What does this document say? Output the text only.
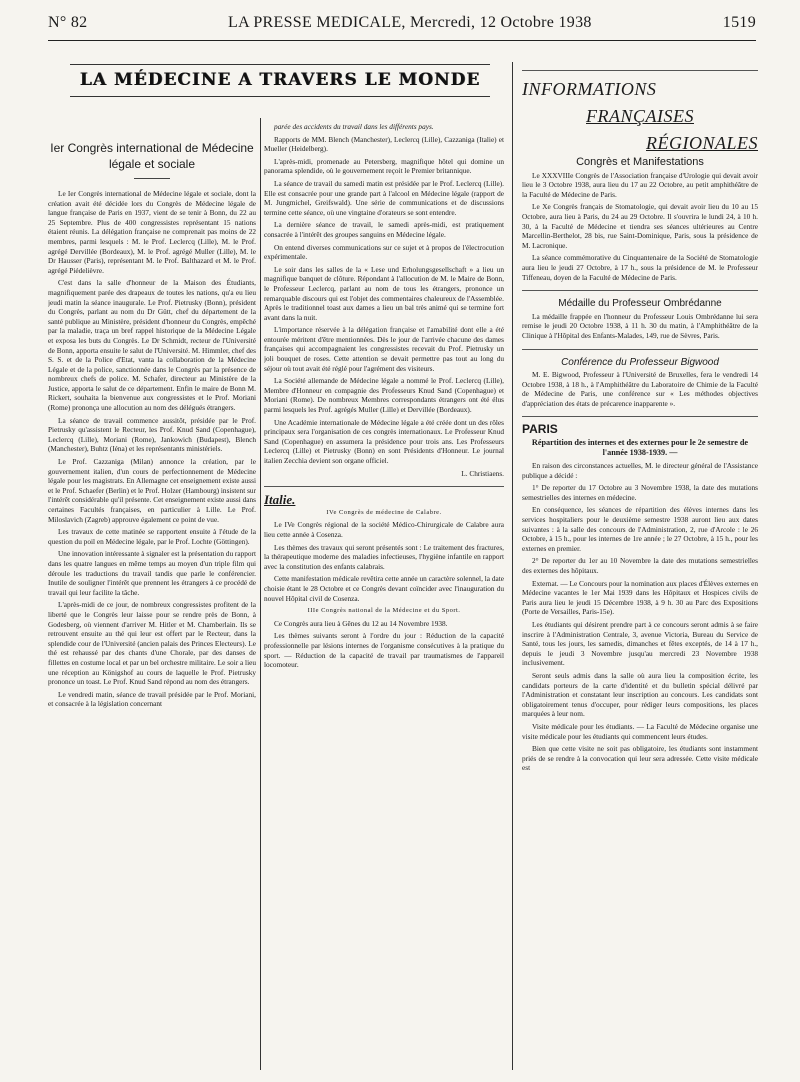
N° 82	LA PRESSE MEDICALE, Mercredi, 12 Octobre 1938	1519
LA MÉDECINE A TRAVERS LE MONDE

Ier Congrès international de Médecine légale et sociale

Le Ier Congrès international de Médecine légale et sociale, dont la création avait été décidée lors du Congrès de Médecine légale de langue française de Paris en 1937, vient de se tenir à Bonn, du 22 au 25 Septembre. Plus de 400 congressistes représentant 15 nations étaient réunis. La délégation française ne comprenait pas moins de 22 membres, parmi lesquels : M. le Prof. Leclercq (Lille), M. le Prof. agrégé Dervillée (Bordeaux), M. le Prof. agrégé Muller (Lille), M. le Dr Hausser (Paris), représentant M. le Prof. Balthazard et M. le Prof. agrégé Piédelièvre.

C'est dans la salle d'honneur de la Maison des Étudiants, magnifiquement parée des drapeaux de toutes les nations, qu'a eu lieu jeudi matin la séance inaugurale. Le Prof. Pietrusky (Bonn), président du Congrès, parlant au nom du Dr Gütt, chef du département de la santé publique au Ministère, président d'honneur du Congrès, empêché par la maladie, traça un bref rappel historique de la Médecine Légale et exposa les buts du Congrès. Le Dr Schmidt, recteur de l'Université de Bonn, apporta ensuite le salut de l'Université. M. Himmler, chef des S. S. et de la Police d'Etat, vanta la collaboration de la Médecine Légale et de la police, sanctionnée dans le Congrès par la présence de nombreux chefs de police. M. Schafer, directeur au Ministère de la Justice, apporta le salut de ce département. Enfin le maire de Bonn M. Rickert, souhaita la bienvenue aux congressistes et le Prof. Moriani (Rome) prononça une allocution au nom des délégués étrangers.

La séance de travail commence aussitôt, présidée par le Prof. Pietrusky qu'assistent le Recteur, les Prof. Knud Sand (Copenhague), Leclercq (Lille), Moriani (Rome), Jankowich (Budapest), Blench (Manchester), Buhtz (Iéna) et les représentants ministériels.

Le Prof. Cazzaniga (Milan) annonce la création, par le gouvernement italien, d'un cours de perfectionnement de Médecine légale pour les magistrats. En Allemagne cet enseignement existe aussi et le Prof. Schaefer (Berlin) et le Prof. Holzer (Hambourg) insistent sur l'intérêt considérable qu'il présente. Cet enseignement existe aussi dans certaines Facultés françaises, en particulier à Lille. Le Prof. Miloslavich (Zagreb) approuve également ce point de vue.

Les travaux de cette matinée se rapportent ensuite à l'étude de la question du poil en Médecine légale, par le Prof. Lochte (Göttingen).

Une innovation intéressante à signaler est la présentation du rapport dans les quatre langues en même temps au moyen d'un triple film qui déroule les traductions du travail tandis que parle le conférencier. Inutile de souligner l'intérêt que prennent les étrangers à ce procédé de travail qui leur facilite la tâche.

L'après-midi de ce jour, de nombreux congressistes profitent de la liberté que le Congrès leur laisse pour se rendre près de Bonn, à Godesberg, où viennent d'arriver M. Hitler et M. Chamberlain. Ils se retrouvent ensuite au thé qui leur est offert par le Recteur, dans la splendide cour de l'Université (ancien palais des Princes Electeurs). Le thé est rehaussé par des chants d'une Chorale, par des danses de fillettes en costume local et par un bel orchestre militaire. Le soir a lieu une réception au Königshof au cours de laquelle le Prof. Pietrusky prononce un toast. Le Prof. Knud Sand répond au nom des étrangers.

Le vendredi matin, séance de travail présidée par le Prof. Moriani, et consacrée à la législation concernant

parée des accidents du travail dans les différents pays.

Rapports de MM. Blench (Manchester), Leclercq (Lille), Cazzaniga (Italie) et Mueller (Heidelberg).

L'après-midi, promenade au Petersberg, magnifique hôtel qui domine un panorama splendide, où le gouvernement reçoit le Premier britannique.

La séance de travail du samedi matin est présidée par le Prof. Leclercq (Lille). Elle est consacrée pour une grande part à l'alcool en Médecine légale (rapport de M. Jungmichel, Greifswald). Une série de communications et de discussions termine cette séance, où une vingtaine d'orateurs se sont entendre.

La dernière séance de travail, le samedi après-midi, est pratiquement consacrée à l'intérêt des groupes sanguins en Médecine légale.

On entend diverses communications sur ce sujet et à propos de l'électrocution expérimentale.

Le soir dans les salles de la « Lese und Erholungsgesellschaft » a lieu un magnifique banquet de clôture. Répondant à l'allocution de M. le Maire de Bonn, le Professeur Leclercq, parlant au nom de tous les étrangers, prononce un remarquable discours qui est l'objet des commentaires chaleureux de l'Assemblée. Après le traditionnel toast aux dames a lieu un bal très animé qui se termine fort avant dans la nuit.

L'importance réservée à la délégation française et l'amabilité dont elle a été entourée méritent d'être mentionnées. Dès le jour de l'arrivée chacune des dames françaises qui accompagnaient les congressistes recevait du Prof. Pietrusky un joli bouquet de roses. Cette attention se devait permettre pas tout au long du séjour où tout avait été réglé pour l'agrément des visiteurs.

La Société allemande de Médecine légale a nommé le Prof. Leclercq (Lille), Membre d'Honneur en compagnie des Professeurs Knud Sand (Copenhague) et Moriani (Rome). De nombreux Membres correspondants étrangers ont été élus parmi lesquels les Prof. agrégés Muller (Lille) et Dervillée (Bordeaux).

Une Académie internationale de Médecine légale a été créée dont un des rôles principaux sera l'organisation de ces congrès internationaux. Le Professeur Knud Sand (Copenhague) en assumera la présidence pour trois ans. Les Professeurs Leclercq (Lille) et Pietrusky (Bonn) en sont Présidents d'Honneur. Le journal italien Zecchia devient son organe officiel.

L. Christiaens.

Italie.

IVe Congrès de médecine de Calabre.

Le IVe Congrès régional de la société Médico-Chirurgicale de Calabre aura lieu cette année à Cosenza.

Les thèmes des travaux qui seront présentés sont : Le traitement des fractures, la thérapeutique moderne des maladies infectieuses, l'hygiène infantile en rapport avec la constitution des enfants calabrais.

Cette manifestation médicale revêtira cette année un caractère solennel, la date choisie étant le 28 Octobre et ce Congrès devant coïncider avec l'inauguration du nouvel Hôpital civil de Cosenza.

IIIe Congrès national de la Médecine et du Sport.

Ce Congrès aura lieu à Gênes du 12 au 14 Novembre 1938.

Les thèmes suivants seront à l'ordre du jour : Réduction de la capacité professionnelle par lésions internes de l'organisme consécutives à la pratique du sport. — Réduction de la capacité de travail par traumatismes de l'appareil locomoteur.

INFORMATIONS

FRANÇAISES

RÉGIONALES

Congrès et Manifestations

Le XXXVIIIe Congrès de l'Association française d'Urologie qui devait avoir lieu le 3 Octobre 1938, aura lieu du 17 au 22 Octobre, au petit amphithéâtre de la Faculté de Médecine de Paris.

Le Xe Congrès français de Stomatologie, qui devait avoir lieu du 10 au 15 Octobre, aura lieu à Paris, du 24 au 29 Octobre. Il s'ouvrira le lundi 24, à 10 h. 30, à la Faculté de Médecine et tiendra ses séances ultérieures au Centre Marcellin-Berthelot, 28 bis, rue Saint-Dominique, Paris, sous la présidence de M. Lacronique.

La séance commémorative du Cinquantenaire de la Société de Stomatologie aura lieu le jeudi 27 Octobre, à 17 h., sous la présidence de M. le Professeur Tiffeneau, doyen de la Faculté de Médecine de Paris.

Médaille du Professeur Ombrédanne

La médaille frappée en l'honneur du Professeur Louis Ombrédanne lui sera remise le jeudi 20 Octobre 1938, à 11 h. 30 du matin, à l'Amphithéâtre de la Clinique à l'Hôpital des Enfants-Malades, 149, rue de Sèvres, Paris.

Conférence du Professeur Bigwood

M. E. Bigwood, Professeur à l'Université de Bruxelles, fera le vendredi 14 Octobre 1938, à 18 h., à l'Amphithéâtre du Laboratoire de Chimie de la Faculté de Médecine de Paris, une conférence sur « Les méthodes objectives d'appréciation des états de précarence inapparente ».

PARIS

Répartition des internes et des externes pour le 2e semestre de l'année 1938-1939. —

En raison des circonstances actuelles, M. le directeur général de l'Assistance publique a décidé :

1° De reporter du 17 Octobre au 3 Novembre 1938, la date des mutations semestrielles des internes en médecine.

En conséquence, les séances de répartition des élèves internes dans les services hospitaliers pour le deuxième semestre 1938 auront lieu aux dates suivantes : à la salle des concours de l'Administration, 2, rue d'Arcole : le 26 Octobre, à 15 h., pour les internes de 1re année ; le 27 Octobre, à 15 h., pour les externes en premier.

2° De reporter du 1er au 10 Novembre la date des mutations semestrielles des externes des hôpitaux.

Externat. — Le Concours pour la nomination aux places d'Élèves externes en Médecine vacantes le 1er Mai 1939 dans les Hôpitaux et Hospices civils de Paris aura lieu le jeudi 15 Décembre 1938, à 9 h. 30 au Parc des Expositions (Porte de Versailles, Paris-15e).

Les étudiants qui désirent prendre part à ce concours seront admis à se faire inscrire à l'Administration Centrale, 3, avenue Victoria, Bureau du Service de Santé, tous les jours, les samedis, dimanches et fêtes exceptés, de 14 à 17 h., depuis le jeudi 3 Novembre jusqu'au mercredi 23 Novembre 1938 inclusivement.

Seront seuls admis dans la salle où aura lieu la composition écrite, les candidats porteurs de la carte d'identité et du bulletin spécial délivré par l'Administration et constatant leur inscription au concours. Les candidats sont obligatoirement tenus d'occuper, pour rédiger leurs compositions, les places marquées à leur nom.

Visite médicale pour les étudiants. — La Faculté de Médecine organise une visite médicale pour les étudiants qui commencent leurs études.

Bien que cette visite ne soit pas obligatoire, les étudiants sont instamment priés de se rendre à la convocation qui leur sera adressée. Cette visite médicale est
